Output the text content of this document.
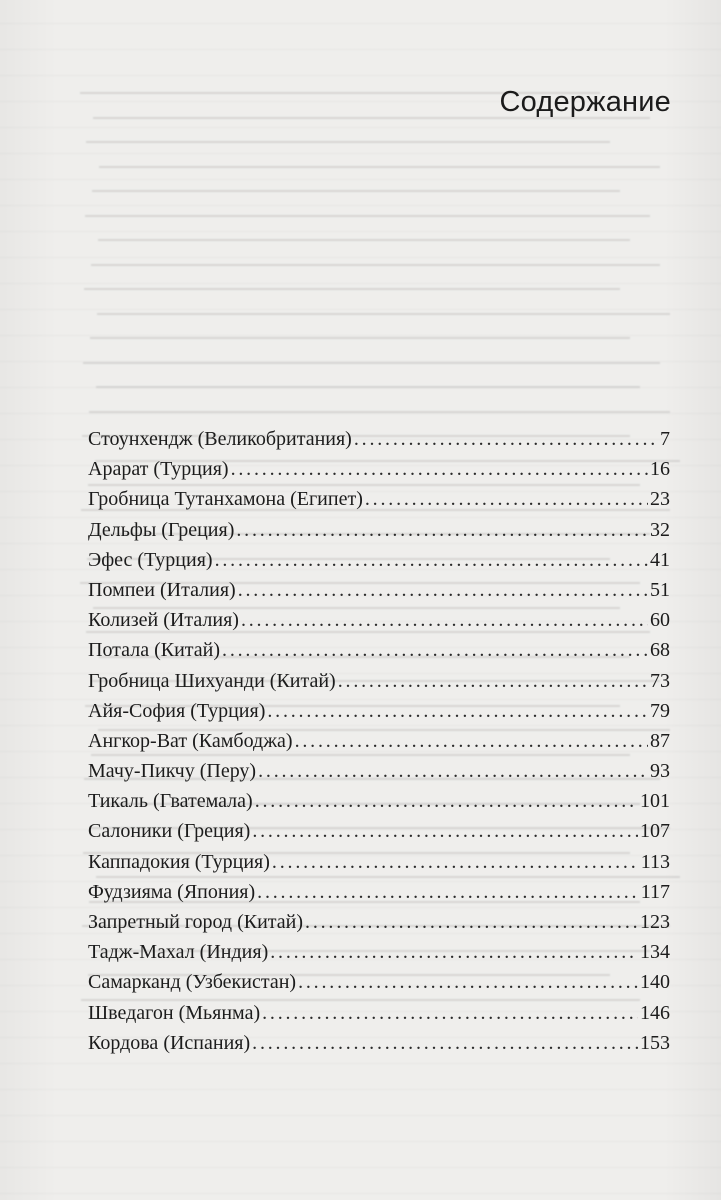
Содержание
Стоунхендж (Великобритания) . . .	7
Арарат (Турция) . . .	16
Гробница Тутанхамона (Египет) . . .	23
Дельфы (Греция) . . .	32
Эфес (Турция) . . .	41
Помпеи (Италия) . . .	51
Колизей (Италия) . . .	60
Потала (Китай) . . .	68
Гробница Шихуанди (Китай) . . .	73
Айя-София (Турция) . . .	79
Ангкор-Ват (Камбоджа) . . .	87
Мачу-Пикчу (Перу) . . .	93
Тикаль (Гватемала) . . .	101
Салоники (Греция) . . .	107
Каппадокия (Турция) . . .	113
Фудзияма (Япония) . . .	117
Запретный город (Китай) . . .	123
Тадж-Махал (Индия) . . .	134
Самарканд (Узбекистан) . . .	140
Шведагон (Мьянма) . . .	146
Кордова (Испания) . . .	153
